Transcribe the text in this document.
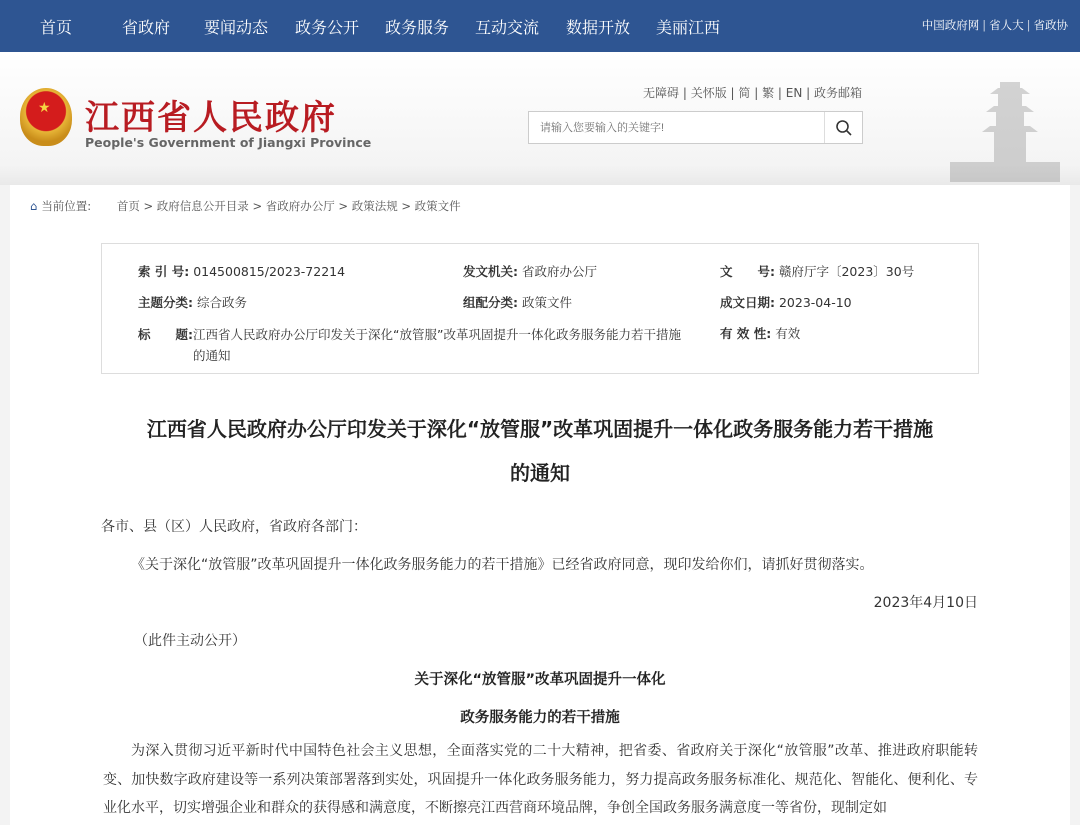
首页	省政府 要闻动态 政务公开 政务服务 互动交流 数据开放 美丽江西	中国政府网 | 省人大 | 省政协
★
江西省人民政府
People's Government of Jiangxi Province
无障碍 | 关怀版 | 简 | 繁 | EN | 政务邮箱
请输入您要输入的关键字!
⌂ 当前位置: 首页 > 政府信息公开目录 > 省政府办公厅 > 政策法规 > 政策文件
索 引 号: 014500815/2023-72214	发文机关: 省政府办公厅	文　　号: 赣府厅字〔2023〕30号
主题分类: 综合政务	组配分类: 政策文件	成文日期: 2023-04-10
标　　题: 江西省人民政府办公厅印发关于深化“放管服”改革巩固提升一体化政务服务能力若干措施的通知
有 效 性: 有效
江西省人民政府办公厅印发关于深化“放管服”改革巩固提升一体化政务服务能力若干措施
的通知
各市、县（区）人民政府，省政府各部门：
《关于深化“放管服”改革巩固提升一体化政务服务能力的若干措施》已经省政府同意，现印发给你们，请抓好贯彻落实。
2023年4月10日
（此件主动公开）
关于深化“放管服”改革巩固提升一体化
政务服务能力的若干措施
为深入贯彻习近平新时代中国特色社会主义思想，全面落实党的二十大精神，把省委、省政府关于深化“放管服”改革、推进政府职能转变、加快数字政府建设等一系列决策部署落到实处，巩固提升一体化政务服务能力，努力提高政务服务标准化、规范化、智能化、便利化、专业化水平，切实增强企业和群众的获得感和满意度，不断擦亮江西营商环境品牌，争创全国政务服务满意度一等省份，现制定如
